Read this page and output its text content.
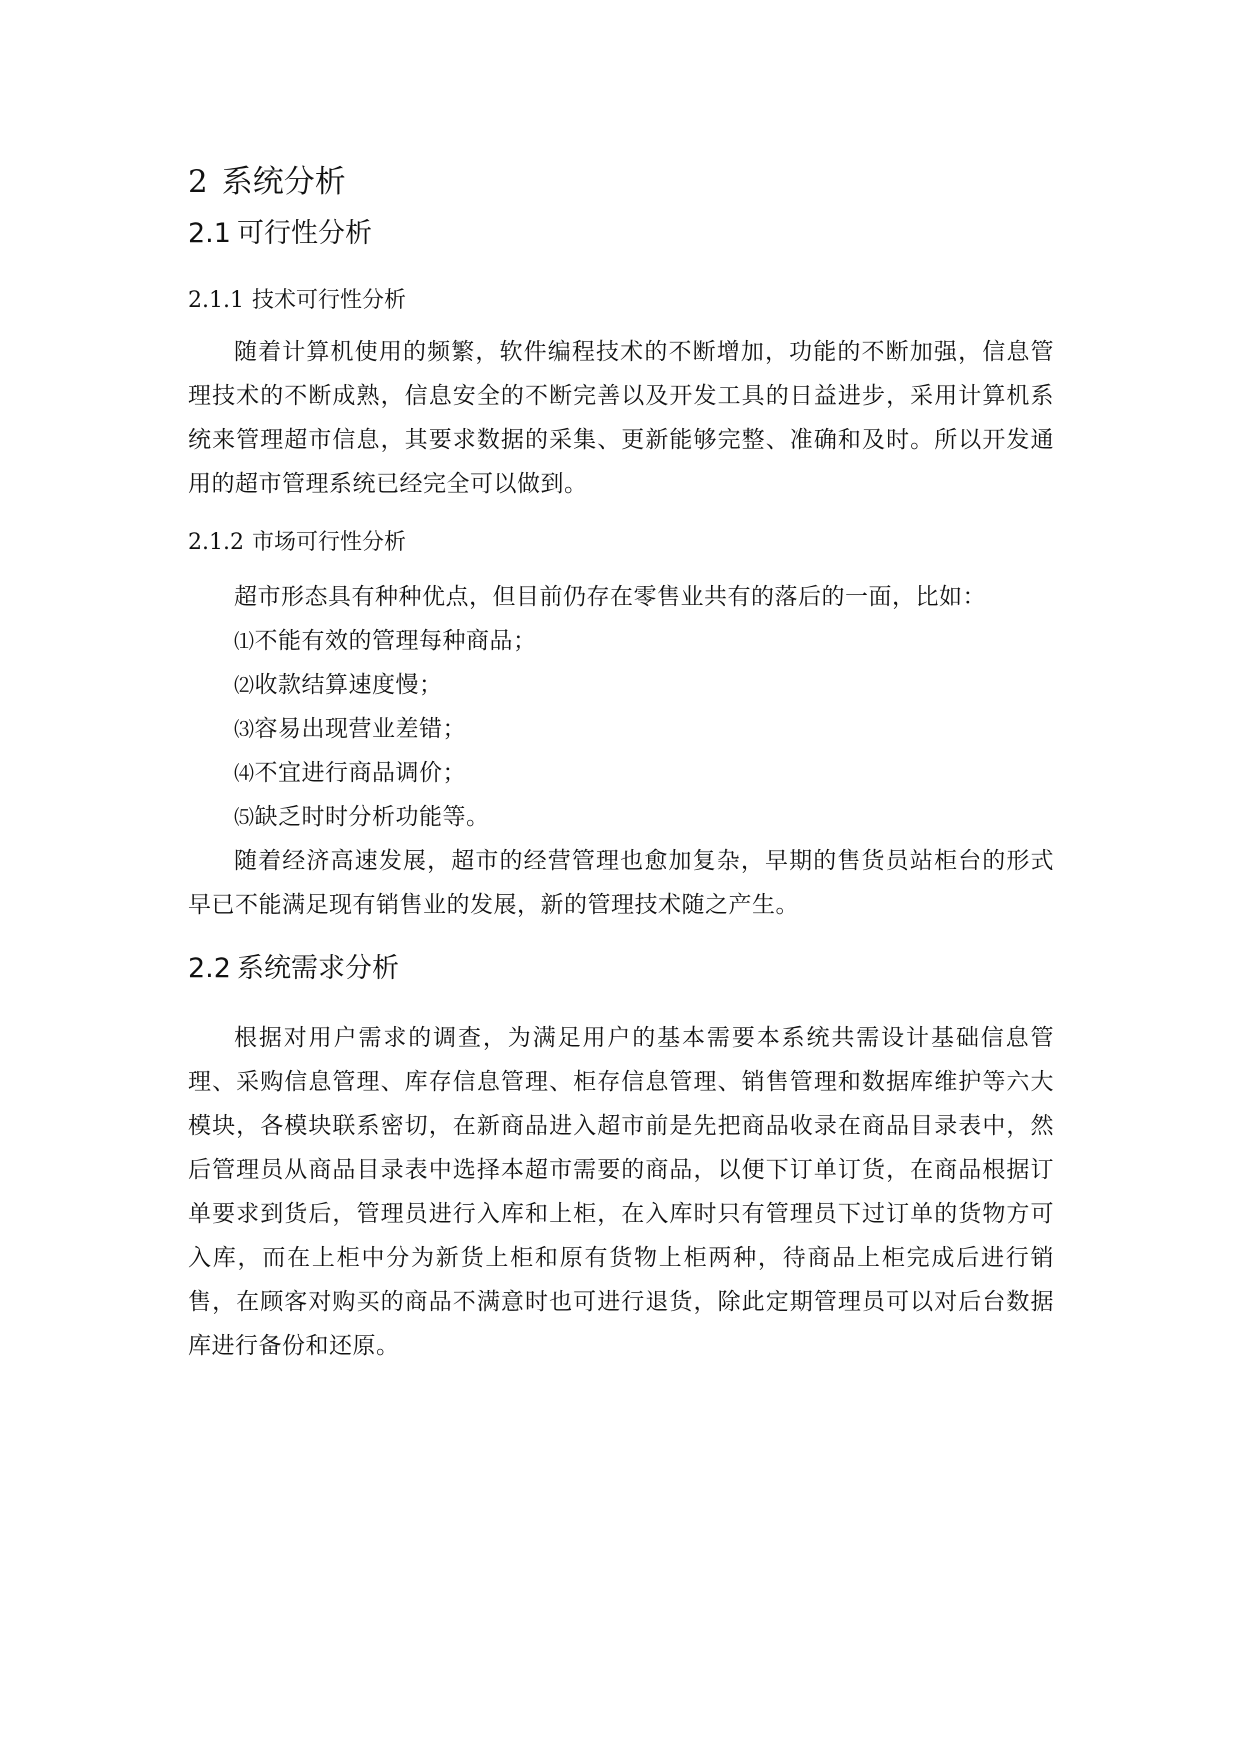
2 系统分析
2.1 可行性分析
2.1.1 技术可行性分析

随着计算机使用的频繁，软件编程技术的不断增加，功能的不断加强，信息管理技术的不断成熟，信息安全的不断完善以及开发工具的日益进步，采用计算机系统来管理超市信息，其要求数据的采集、更新能够完整、准确和及时。所以开发通用的超市管理系统已经完全可以做到。

2.1.2 市场可行性分析

超市形态具有种种优点，但目前仍存在零售业共有的落后的一面，比如：

⑴不能有效的管理每种商品；
⑵收款结算速度慢；
⑶容易出现营业差错；
⑷不宜进行商品调价；
⑸缺乏时时分析功能等。

随着经济高速发展，超市的经营管理也愈加复杂，早期的售货员站柜台的形式早已不能满足现有销售业的发展，新的管理技术随之产生。

2.2 系统需求分析

根据对用户需求的调查，为满足用户的基本需要本系统共需设计基础信息管理、采购信息管理、库存信息管理、柜存信息管理、销售管理和数据库维护等六大模块，各模块联系密切，在新商品进入超市前是先把商品收录在商品目录表中，然后管理员从商品目录表中选择本超市需要的商品，以便下订单订货，在商品根据订单要求到货后，管理员进行入库和上柜，在入库时只有管理员下过订单的货物方可入库，而在上柜中分为新货上柜和原有货物上柜两种，待商品上柜完成后进行销售，在顾客对购买的商品不满意时也可进行退货，除此定期管理员可以对后台数据库进行备份和还原。
